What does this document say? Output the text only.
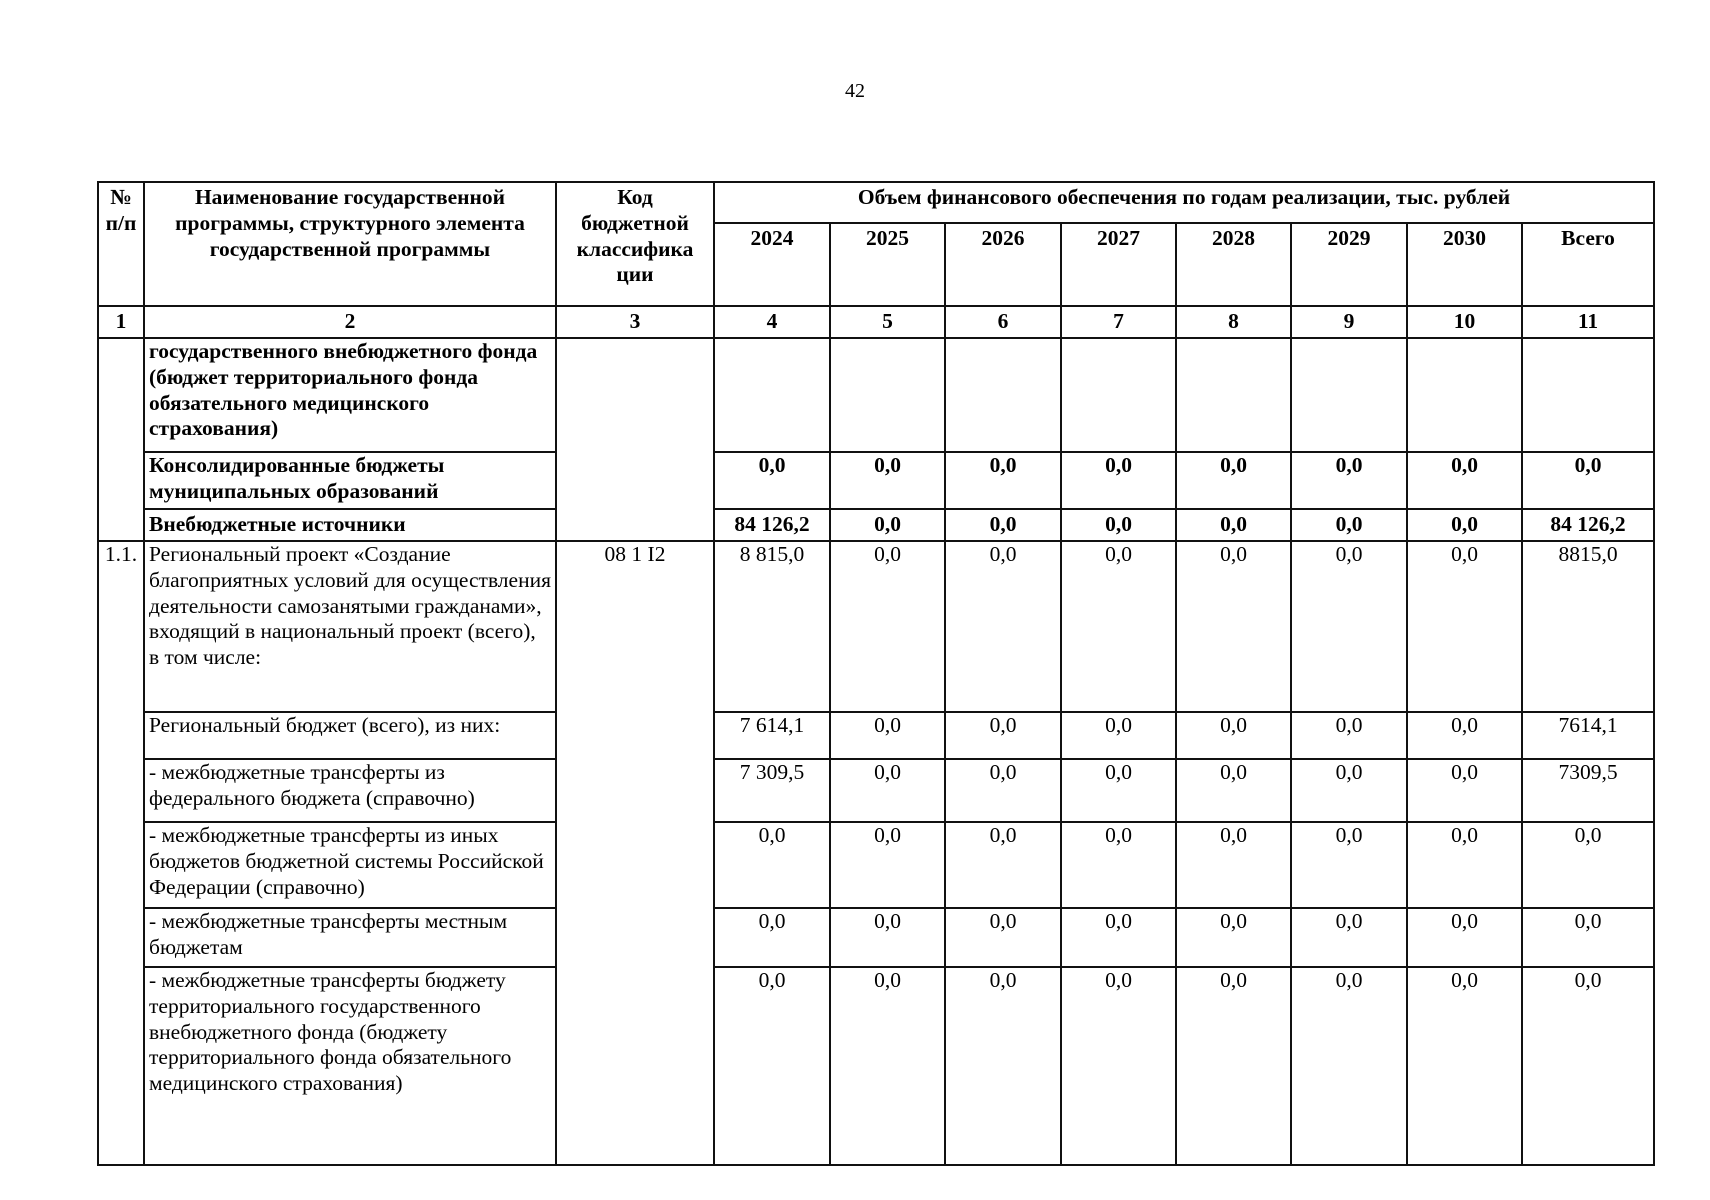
42
№ п/п	Наименование государственной программы, структурного элемента государственной программы	Код бюджетной классифика ции	Объем финансового обеспечения по годам реализации, тыс. рублей							
			2024	2025	2026	2027	2028	2029	2030	Всего
1	2	3	4	5	6	7	8	9	10	11
	государственного внебюджетного фонда (бюджет территориального фонда обязательного медицинского страхования)									
	Консолидированные бюджеты муниципальных образований		0,0	0,0	0,0	0,0	0,0	0,0	0,0	0,0
	Внебюджетные источники		84 126,2	0,0	0,0	0,0	0,0	0,0	0,0	84 126,2
1.1.	Региональный проект «Создание благоприятных условий для осуществления деятельности самозанятыми гражданами», входящий в национальный проект (всего), в том числе:	08 1 I2	8 815,0	0,0	0,0	0,0	0,0	0,0	0,0	8815,0
	Региональный бюджет (всего), из них:		7 614,1	0,0	0,0	0,0	0,0	0,0	0,0	7614,1
	- межбюджетные трансферты из федерального бюджета (справочно)		7 309,5	0,0	0,0	0,0	0,0	0,0	0,0	7309,5
	- межбюджетные трансферты из иных бюджетов бюджетной системы Российской Федерации (справочно)		0,0	0,0	0,0	0,0	0,0	0,0	0,0	0,0
	- межбюджетные трансферты местным бюджетам		0,0	0,0	0,0	0,0	0,0	0,0	0,0	0,0
	- межбюджетные трансферты бюджету территориального государственного внебюджетного фонда (бюджету территориального фонда обязательного медицинского страхования)		0,0	0,0	0,0	0,0	0,0	0,0	0,0	0,0
